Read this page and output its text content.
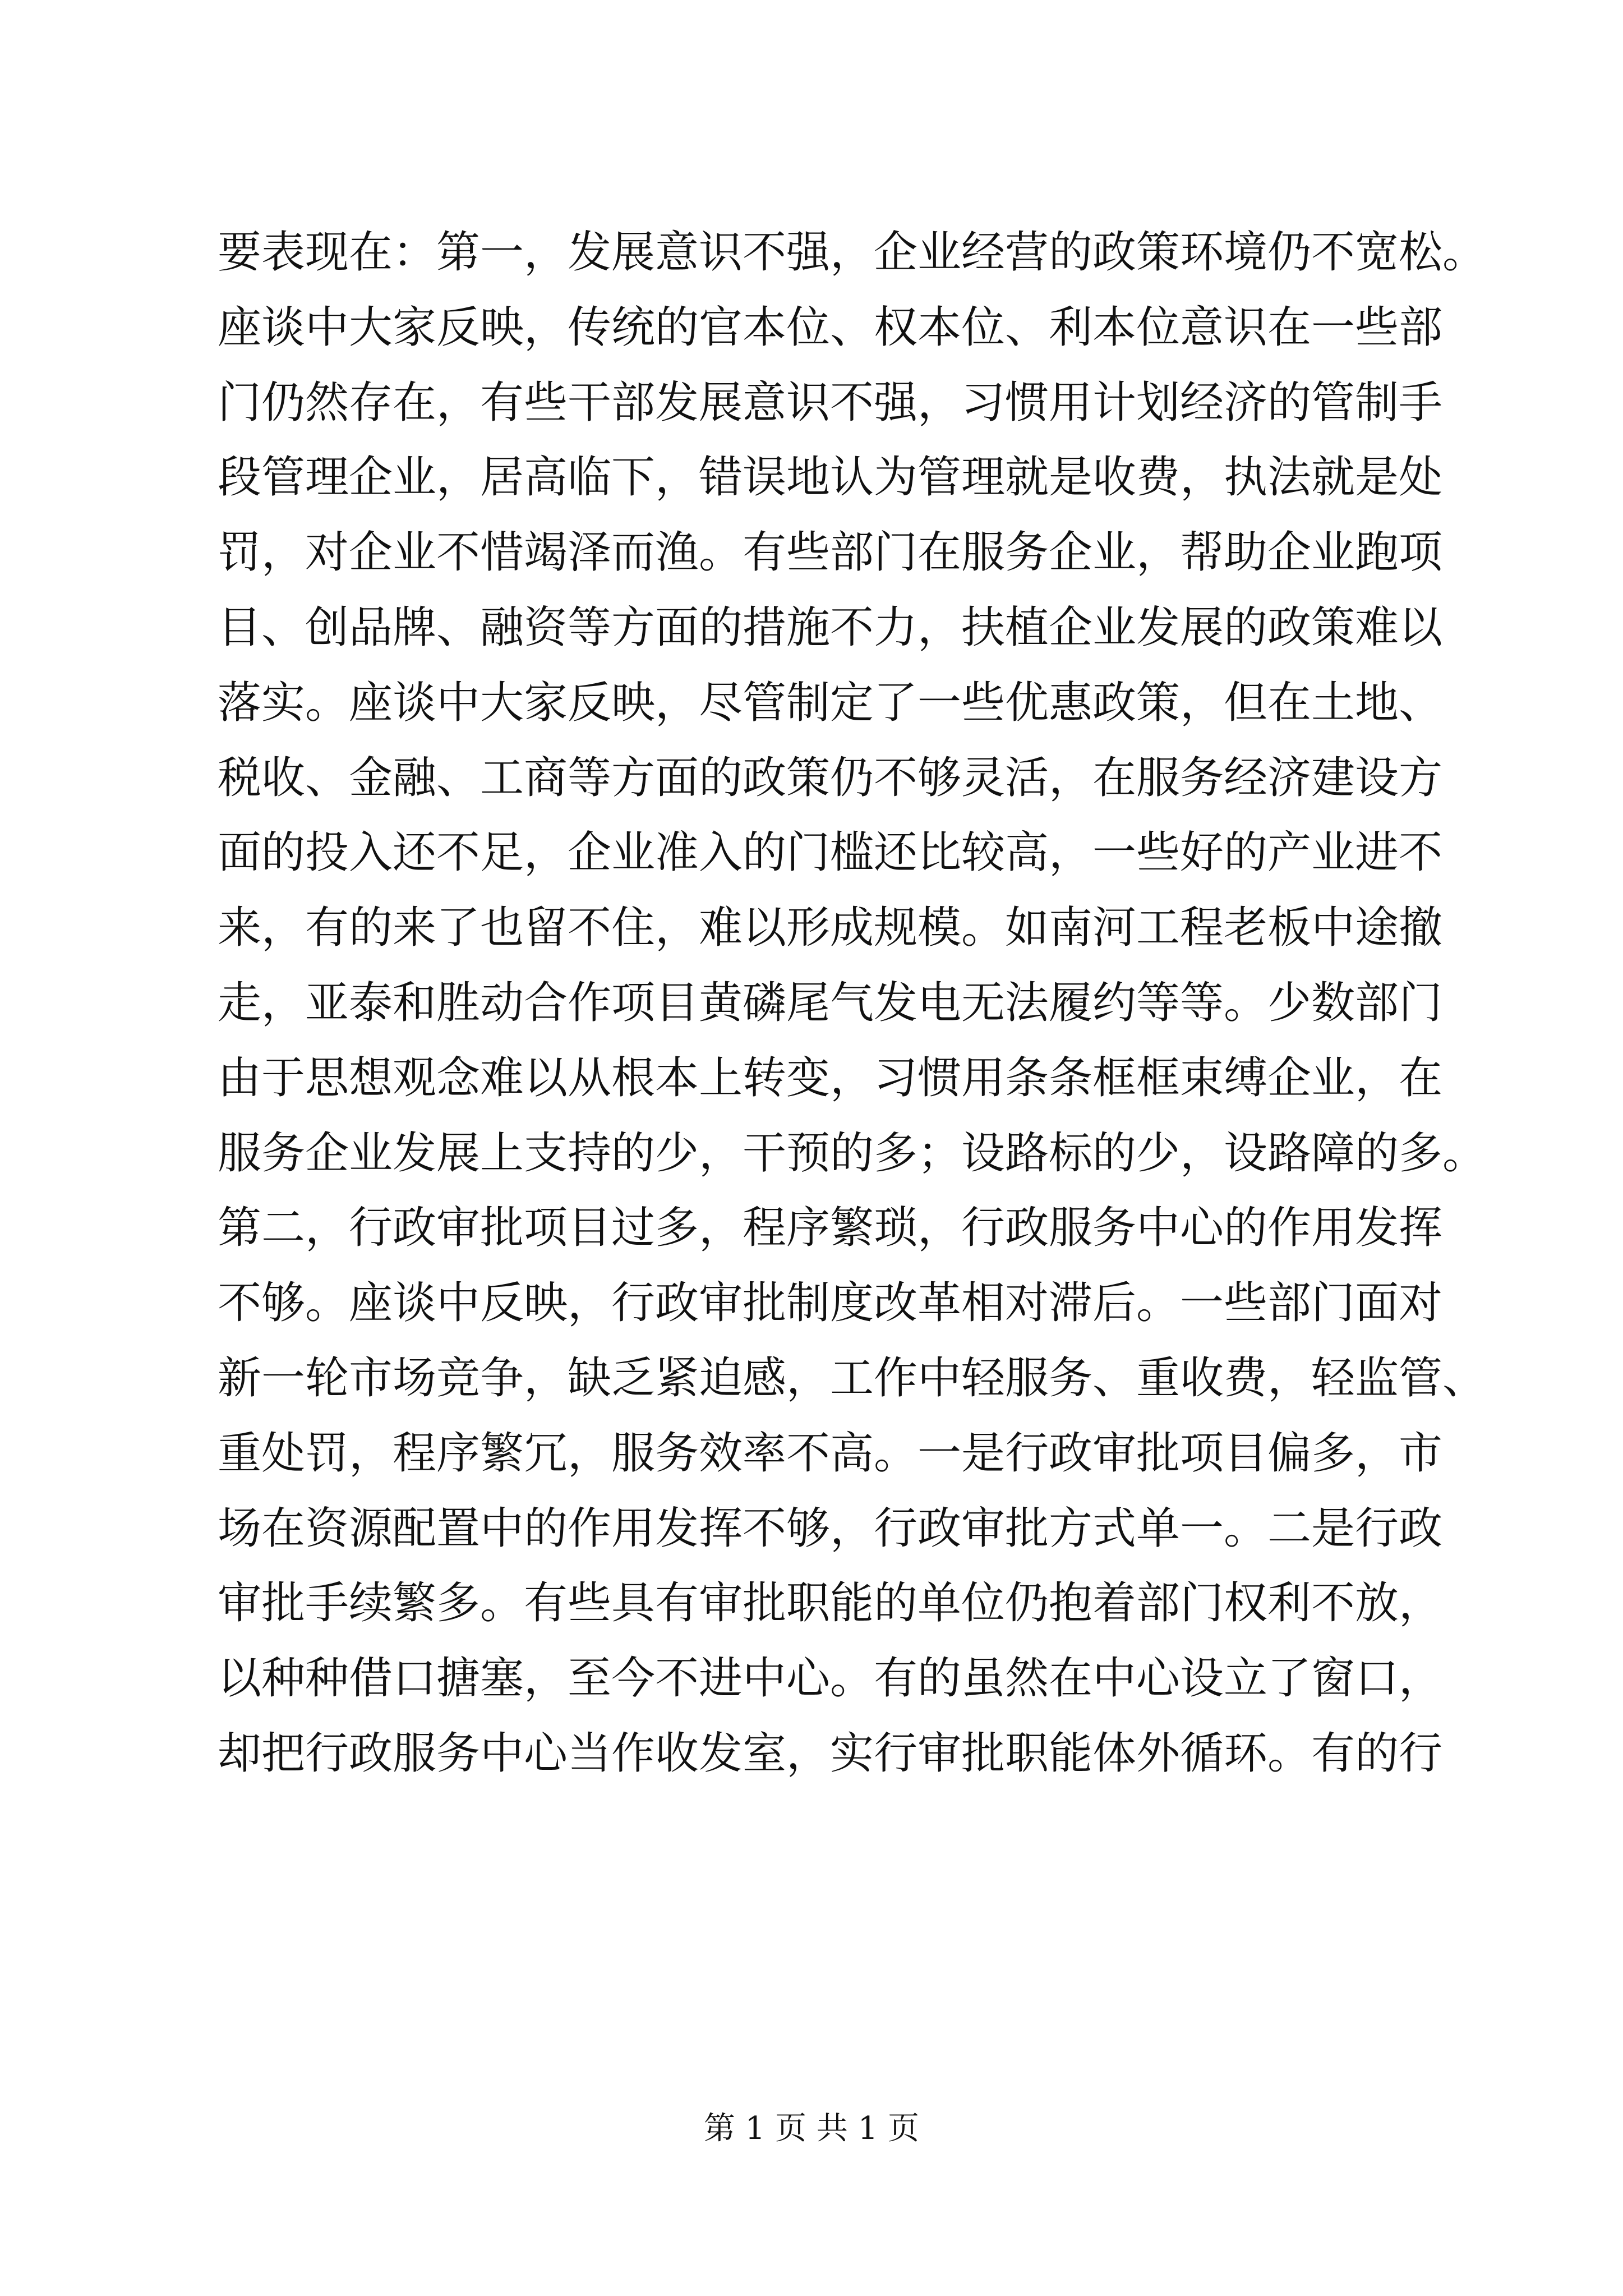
要表现在：第一，发展意识不强，企业经营的政策环境仍不宽松。
座谈中大家反映，传统的官本位、权本位、利本位意识在一些部
门仍然存在，有些干部发展意识不强，习惯用计划经济的管制手
段管理企业，居高临下，错误地认为管理就是收费，执法就是处
罚，对企业不惜竭泽而渔。有些部门在服务企业，帮助企业跑项
目、创品牌、融资等方面的措施不力，扶植企业发展的政策难以
落实。座谈中大家反映，尽管制定了一些优惠政策，但在土地、
税收、金融、工商等方面的政策仍不够灵活，在服务经济建设方
面的投入还不足，企业准入的门槛还比较高，一些好的产业进不
来，有的来了也留不住，难以形成规模。如南河工程老板中途撤
走，亚泰和胜动合作项目黄磷尾气发电无法履约等等。少数部门
由于思想观念难以从根本上转变，习惯用条条框框束缚企业，在
服务企业发展上支持的少，干预的多；设路标的少，设路障的多。
第二，行政审批项目过多，程序繁琐，行政服务中心的作用发挥
不够。座谈中反映，行政审批制度改革相对滞后。一些部门面对
新一轮市场竞争，缺乏紧迫感，工作中轻服务、重收费，轻监管、
重处罚，程序繁冗，服务效率不高。一是行政审批项目偏多，市
场在资源配置中的作用发挥不够，行政审批方式单一。二是行政
审批手续繁多。有些具有审批职能的单位仍抱着部门权利不放，
以种种借口搪塞，至今不进中心。有的虽然在中心设立了窗口，
却把行政服务中心当作收发室，实行审批职能体外循环。有的行
第 1 页 共 1 页
